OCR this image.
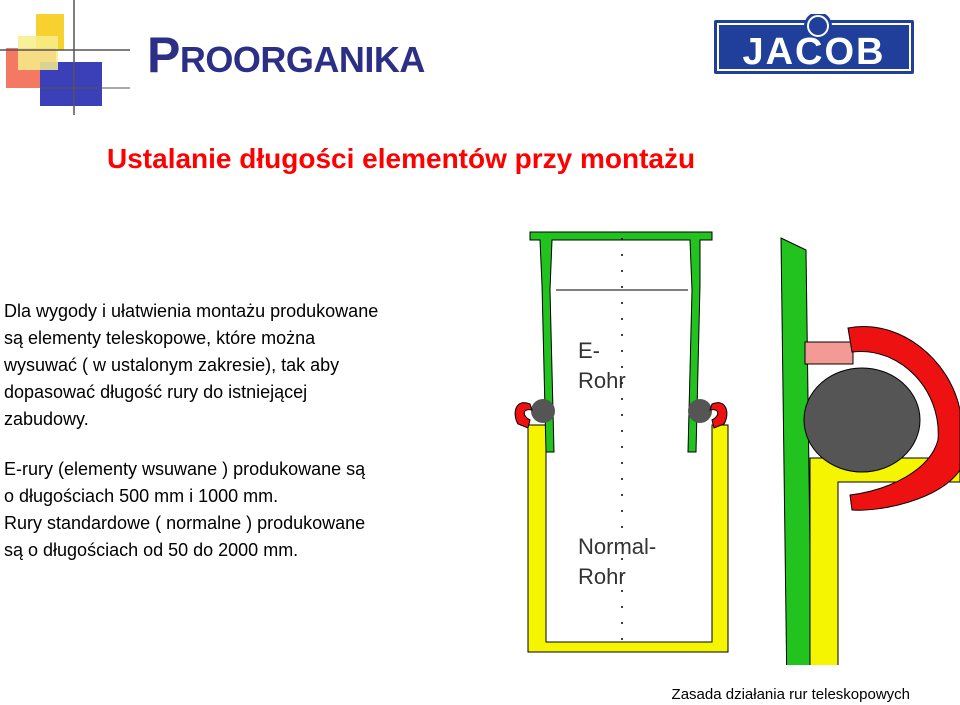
PROORGANIKA	JACOB
Ustalanie długości elementów przy montażu
Dla wygody i ułatwienia montażu produkowane
są elementy teleskopowe, które można
wysuwać ( w ustalonym zakresie), tak aby
dopasować długość rury do istniejącej
zabudowy.
E-rury (elementy wsuwane ) produkowane są
o długościach 500 mm i 1000 mm.
Rury standardowe ( normalne ) produkowane
są o długościach od 50 do 2000 mm.
E-
Rohr
Normal-
Rohr
Zasada działania rur teleskopowych
